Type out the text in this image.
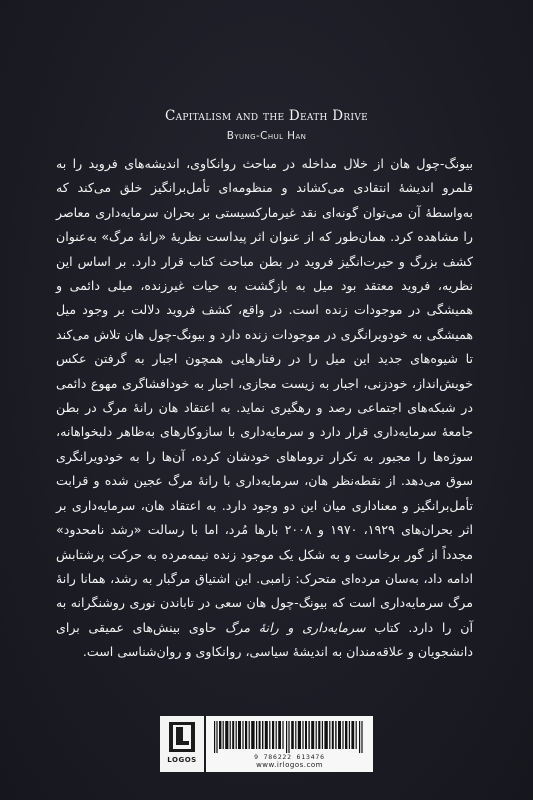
Capitalism and the Death Drive
Byung-Chul Han

بیونگ-چول هان از خلال مداخله در مباحث روانکاوی، اندیشه‌های فروید را به قلمرو اندیشهٔ انتقادی می‌کشاند و منظومه‌ای تأمل‌برانگیز خلق می‌کند که به‌واسطهٔ آن می‌توان گونه‌ای نقد غیرمارکسیستی بر بحران سرمایه‌داری معاصر را مشاهده کرد. همان‌طور که از عنوان اثر پیداست نظریهٔ «رانهٔ مرگ» به‌عنوان کشف بزرگ و حیرت‌انگیز فروید در بطن مباحث کتاب قرار دارد. بر اساس این نظریه، فروید معتقد بود میل به بازگشت به حیات غیرزنده، میلی دائمی و همیشگی در موجودات زنده است. در واقع، کشف فروید دلالت بر وجود میل همیشگی به خودویرانگری در موجودات زنده دارد و بیونگ-چول هان تلاش می‌کند تا شیوه‌های جدید این میل را در رفتارهایی همچون اجبار به گرفتن عکس خویش‌انداز، خودزنی، اجبار به زیست مجازی، اجبار به خودافشاگری مهوع دائمی در شبکه‌های اجتماعی رصد و رهگیری نماید. به اعتقاد هان رانهٔ مرگ در بطن جامعهٔ سرمایه‌داری قرار دارد و سرمایه‌داری با سازوکارهای به‌ظاهر دلبخواهانه، سوژه‌ها را مجبور به تکرار تروماهای خودشان کرده، آن‌ها را به خودویرانگری سوق می‌دهد. از نقطه‌نظر هان، سرمایه‌داری با رانهٔ مرگ عجین شده و قرابت تأمل‌برانگیز و معناداری میان این دو وجود دارد. به اعتقاد هان، سرمایه‌داری بر اثر بحران‌های ۱۹۲۹، ۱۹۷۰ و ۲۰۰۸ بارها مُرد، اما با رسالت «رشد نامحدود» مجدداً از گور برخاست و به شکل یک موجود زنده نیمه‌مرده به حرکت پرشتابش ادامه داد، به‌سان مرده‌ای متحرک: زامبی. این اشتیاق مرگبار به رشد، همانا رانهٔ مرگ سرمایه‌داری است که بیونگ-چول هان سعی در تاباندن نوری روشنگرانه به آن را دارد. کتاب سرمایه‌داری و رانهٔ مرگ حاوی بینش‌های عمیقی برای دانشجویان و علاقه‌مندان به اندیشهٔ سیاسی، روانکاوی و روان‌شناسی است.

LOGOS	9 786222 613476
www.irlogos.com
